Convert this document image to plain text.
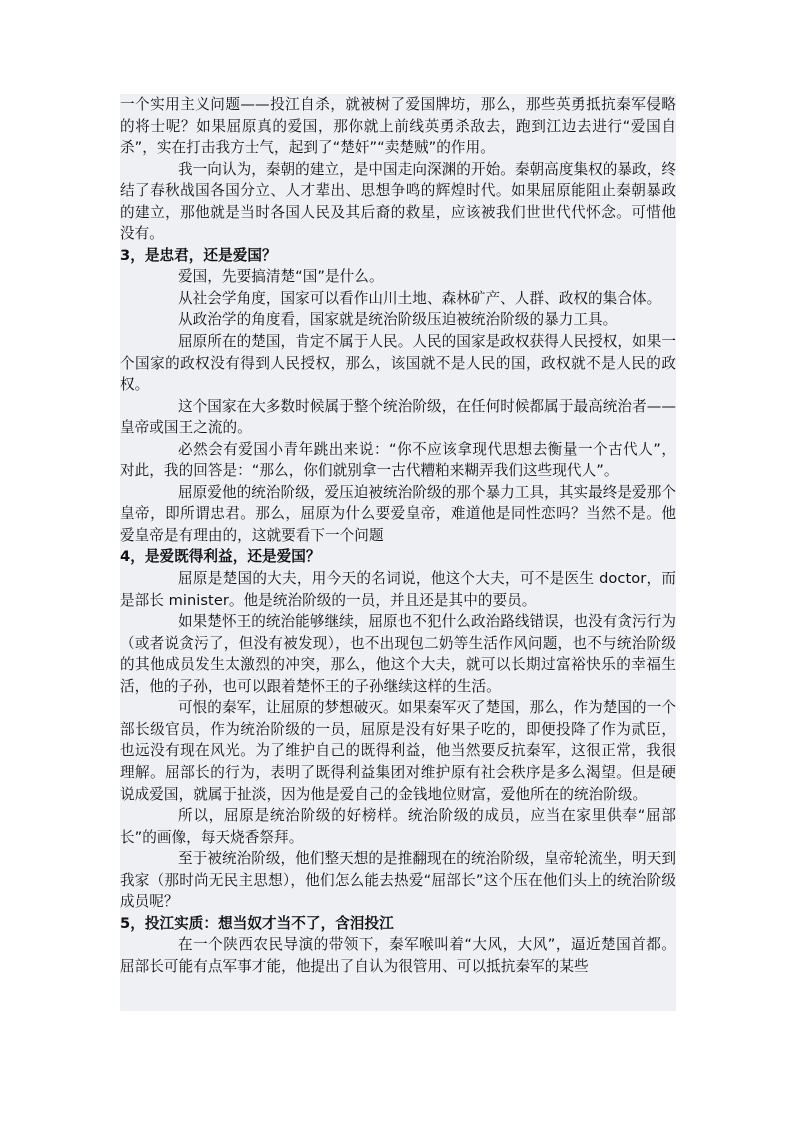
一个实用主义问题——投江自杀，就被树了爱国牌坊，那么，那些英勇抵抗秦军侵略的将士呢？如果屈原真的爱国，那你就上前线英勇杀敌去，跑到江边去进行“爱国自杀”，实在打击我方士气，起到了“楚奸”“卖楚贼”的作用。

我一向认为，秦朝的建立，是中国走向深渊的开始。秦朝高度集权的暴政，终结了春秋战国各国分立、人才辈出、思想争鸣的辉煌时代。如果屈原能阻止秦朝暴政的建立，那他就是当时各国人民及其后裔的救星，应该被我们世世代代怀念。可惜他没有。

3，是忠君，还是爱国？

爱国，先要搞清楚“国”是什么。

从社会学角度，国家可以看作山川土地、森林矿产、人群、政权的集合体。

从政治学的角度看，国家就是统治阶级压迫被统治阶级的暴力工具。

屈原所在的楚国，肯定不属于人民。人民的国家是政权获得人民授权，如果一个国家的政权没有得到人民授权，那么，该国就不是人民的国，政权就不是人民的政权。

这个国家在大多数时候属于整个统治阶级，在任何时候都属于最高统治者——皇帝或国王之流的。

必然会有爱国小青年跳出来说：“你不应该拿现代思想去衡量一个古代人”，对此，我的回答是：“那么，你们就别拿一古代糟粕来糊弄我们这些现代人”。

屈原爱他的统治阶级，爱压迫被统治阶级的那个暴力工具，其实最终是爱那个皇帝，即所谓忠君。那么，屈原为什么要爱皇帝，难道他是同性恋吗？当然不是。他爱皇帝是有理由的，这就要看下一个问题

4，是爱既得利益，还是爱国？

屈原是楚国的大夫，用今天的名词说，他这个大夫，可不是医生 doctor，而是部长 minister。他是统治阶级的一员，并且还是其中的要员。

如果楚怀王的统治能够继续，屈原也不犯什么政治路线错误，也没有贪污行为（或者说贪污了，但没有被发现），也不出现包二奶等生活作风问题，也不与统治阶级的其他成员发生太激烈的冲突，那么，他这个大夫，就可以长期过富裕快乐的幸福生活，他的子孙，也可以跟着楚怀王的子孙继续这样的生活。

可恨的秦军，让屈原的梦想破灭。如果秦军灭了楚国，那么，作为楚国的一个部长级官员，作为统治阶级的一员，屈原是没有好果子吃的，即便投降了作为贰臣，也远没有现在风光。为了维护自己的既得利益，他当然要反抗秦军，这很正常，我很理解。屈部长的行为，表明了既得利益集团对维护原有社会秩序是多么渴望。但是硬说成爱国，就属于扯淡，因为他是爱自己的金钱地位财富，爱他所在的统治阶级。

所以，屈原是统治阶级的好榜样。统治阶级的成员，应当在家里供奉“屈部长”的画像，每天烧香祭拜。

至于被统治阶级，他们整天想的是推翻现在的统治阶级，皇帝轮流坐，明天到我家（那时尚无民主思想），他们怎么能去热爱“屈部长”这个压在他们头上的统治阶级成员呢？

5，投江实质：想当奴才当不了，含泪投江

在一个陕西农民导演的带领下，秦军喉叫着“大风，大风”，逼近楚国首都。屈部长可能有点军事才能，他提出了自认为很管用、可以抵抗秦军的某些
